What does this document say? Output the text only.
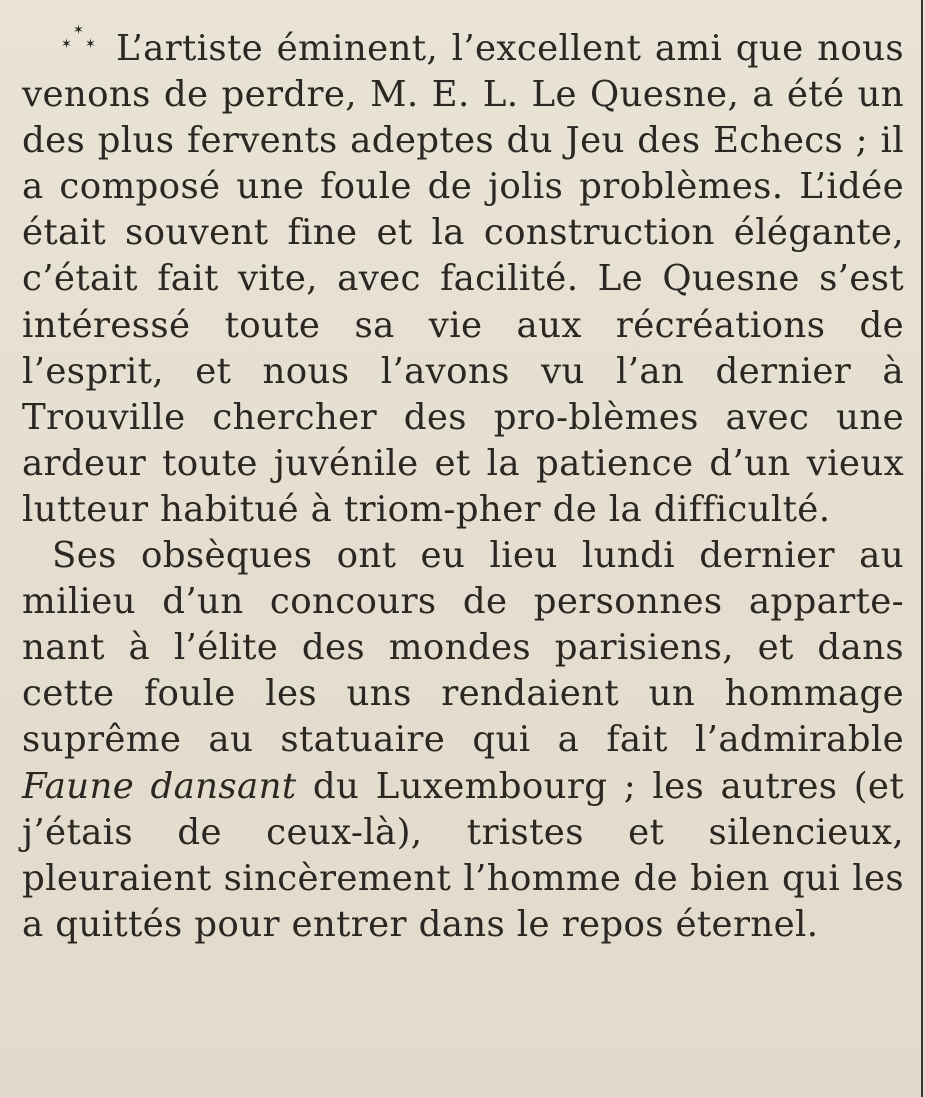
✶
✶ ✶ L’artiste éminent, l’excellent ami que nous venons de perdre, M. E. L. Le Quesne, a été un des plus fervents adeptes du Jeu des Echecs ; il a composé une foule de jolis problèmes. L’idée était souvent fine et la construction élégante, c’était fait vite, avec facilité. Le Quesne s’est intéressé toute sa vie aux récréations de l’esprit, et nous l’avons vu l’an dernier à Trouville chercher des pro-blèmes avec une ardeur toute juvénile et la patience d’un vieux lutteur habitué à triom-pher de la difficulté.

Ses obsèques ont eu lieu lundi dernier au milieu d’un concours de personnes apparte-nant à l’élite des mondes parisiens, et dans cette foule les uns rendaient un hommage suprême au statuaire qui a fait l’admirable Faune dansant du Luxembourg ; les autres (et j’étais de ceux-là), tristes et silencieux, pleuraient sincèrement l’homme de bien qui les a quittés pour entrer dans le repos éternel.
